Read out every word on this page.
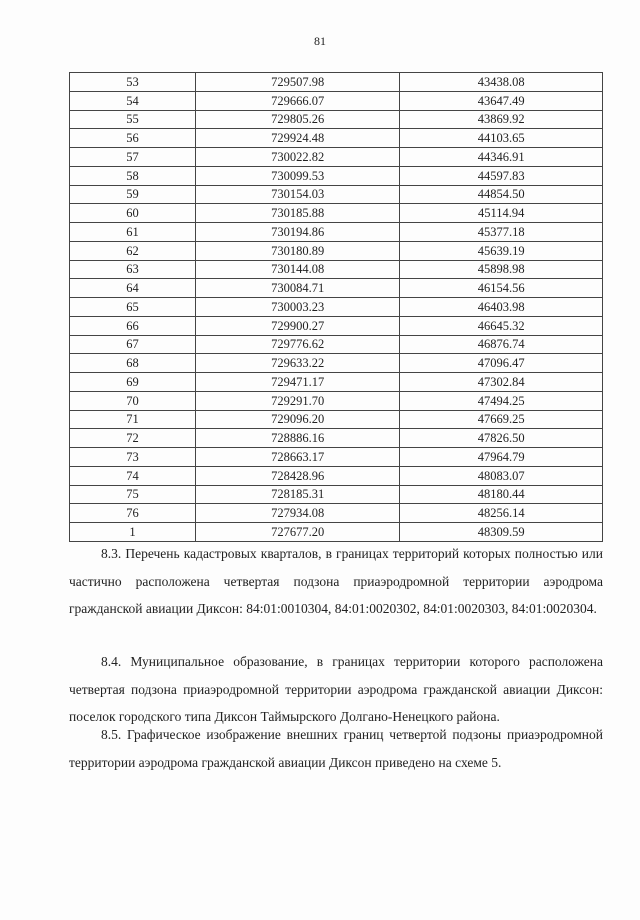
81
53	729507.98	43438.08
54	729666.07	43647.49
55	729805.26	43869.92
56	729924.48	44103.65
57	730022.82	44346.91
58	730099.53	44597.83
59	730154.03	44854.50
60	730185.88	45114.94
61	730194.86	45377.18
62	730180.89	45639.19
63	730144.08	45898.98
64	730084.71	46154.56
65	730003.23	46403.98
66	729900.27	46645.32
67	729776.62	46876.74
68	729633.22	47096.47
69	729471.17	47302.84
70	729291.70	47494.25
71	729096.20	47669.25
72	728886.16	47826.50
73	728663.17	47964.79
74	728428.96	48083.07
75	728185.31	48180.44
76	727934.08	48256.14
1	727677.20	48309.59

8.3. Перечень кадастровых кварталов, в границах территорий которых полностью или частично расположена четвертая подзона приаэродромной территории аэродрома гражданской авиации Диксон: 84:01:0010304, 84:01:0020302, 84:01:0020303, 84:01:0020304.

8.4. Муниципальное образование, в границах территории которого расположена четвертая подзона приаэродромной территории аэродрома гражданской авиации Диксон: поселок городского типа Диксон Таймырского Долгано-Ненецкого района.

8.5. Графическое изображение внешних границ четвертой подзоны приаэродромной территории аэродрома гражданской авиации Диксон приведено на схеме 5.
